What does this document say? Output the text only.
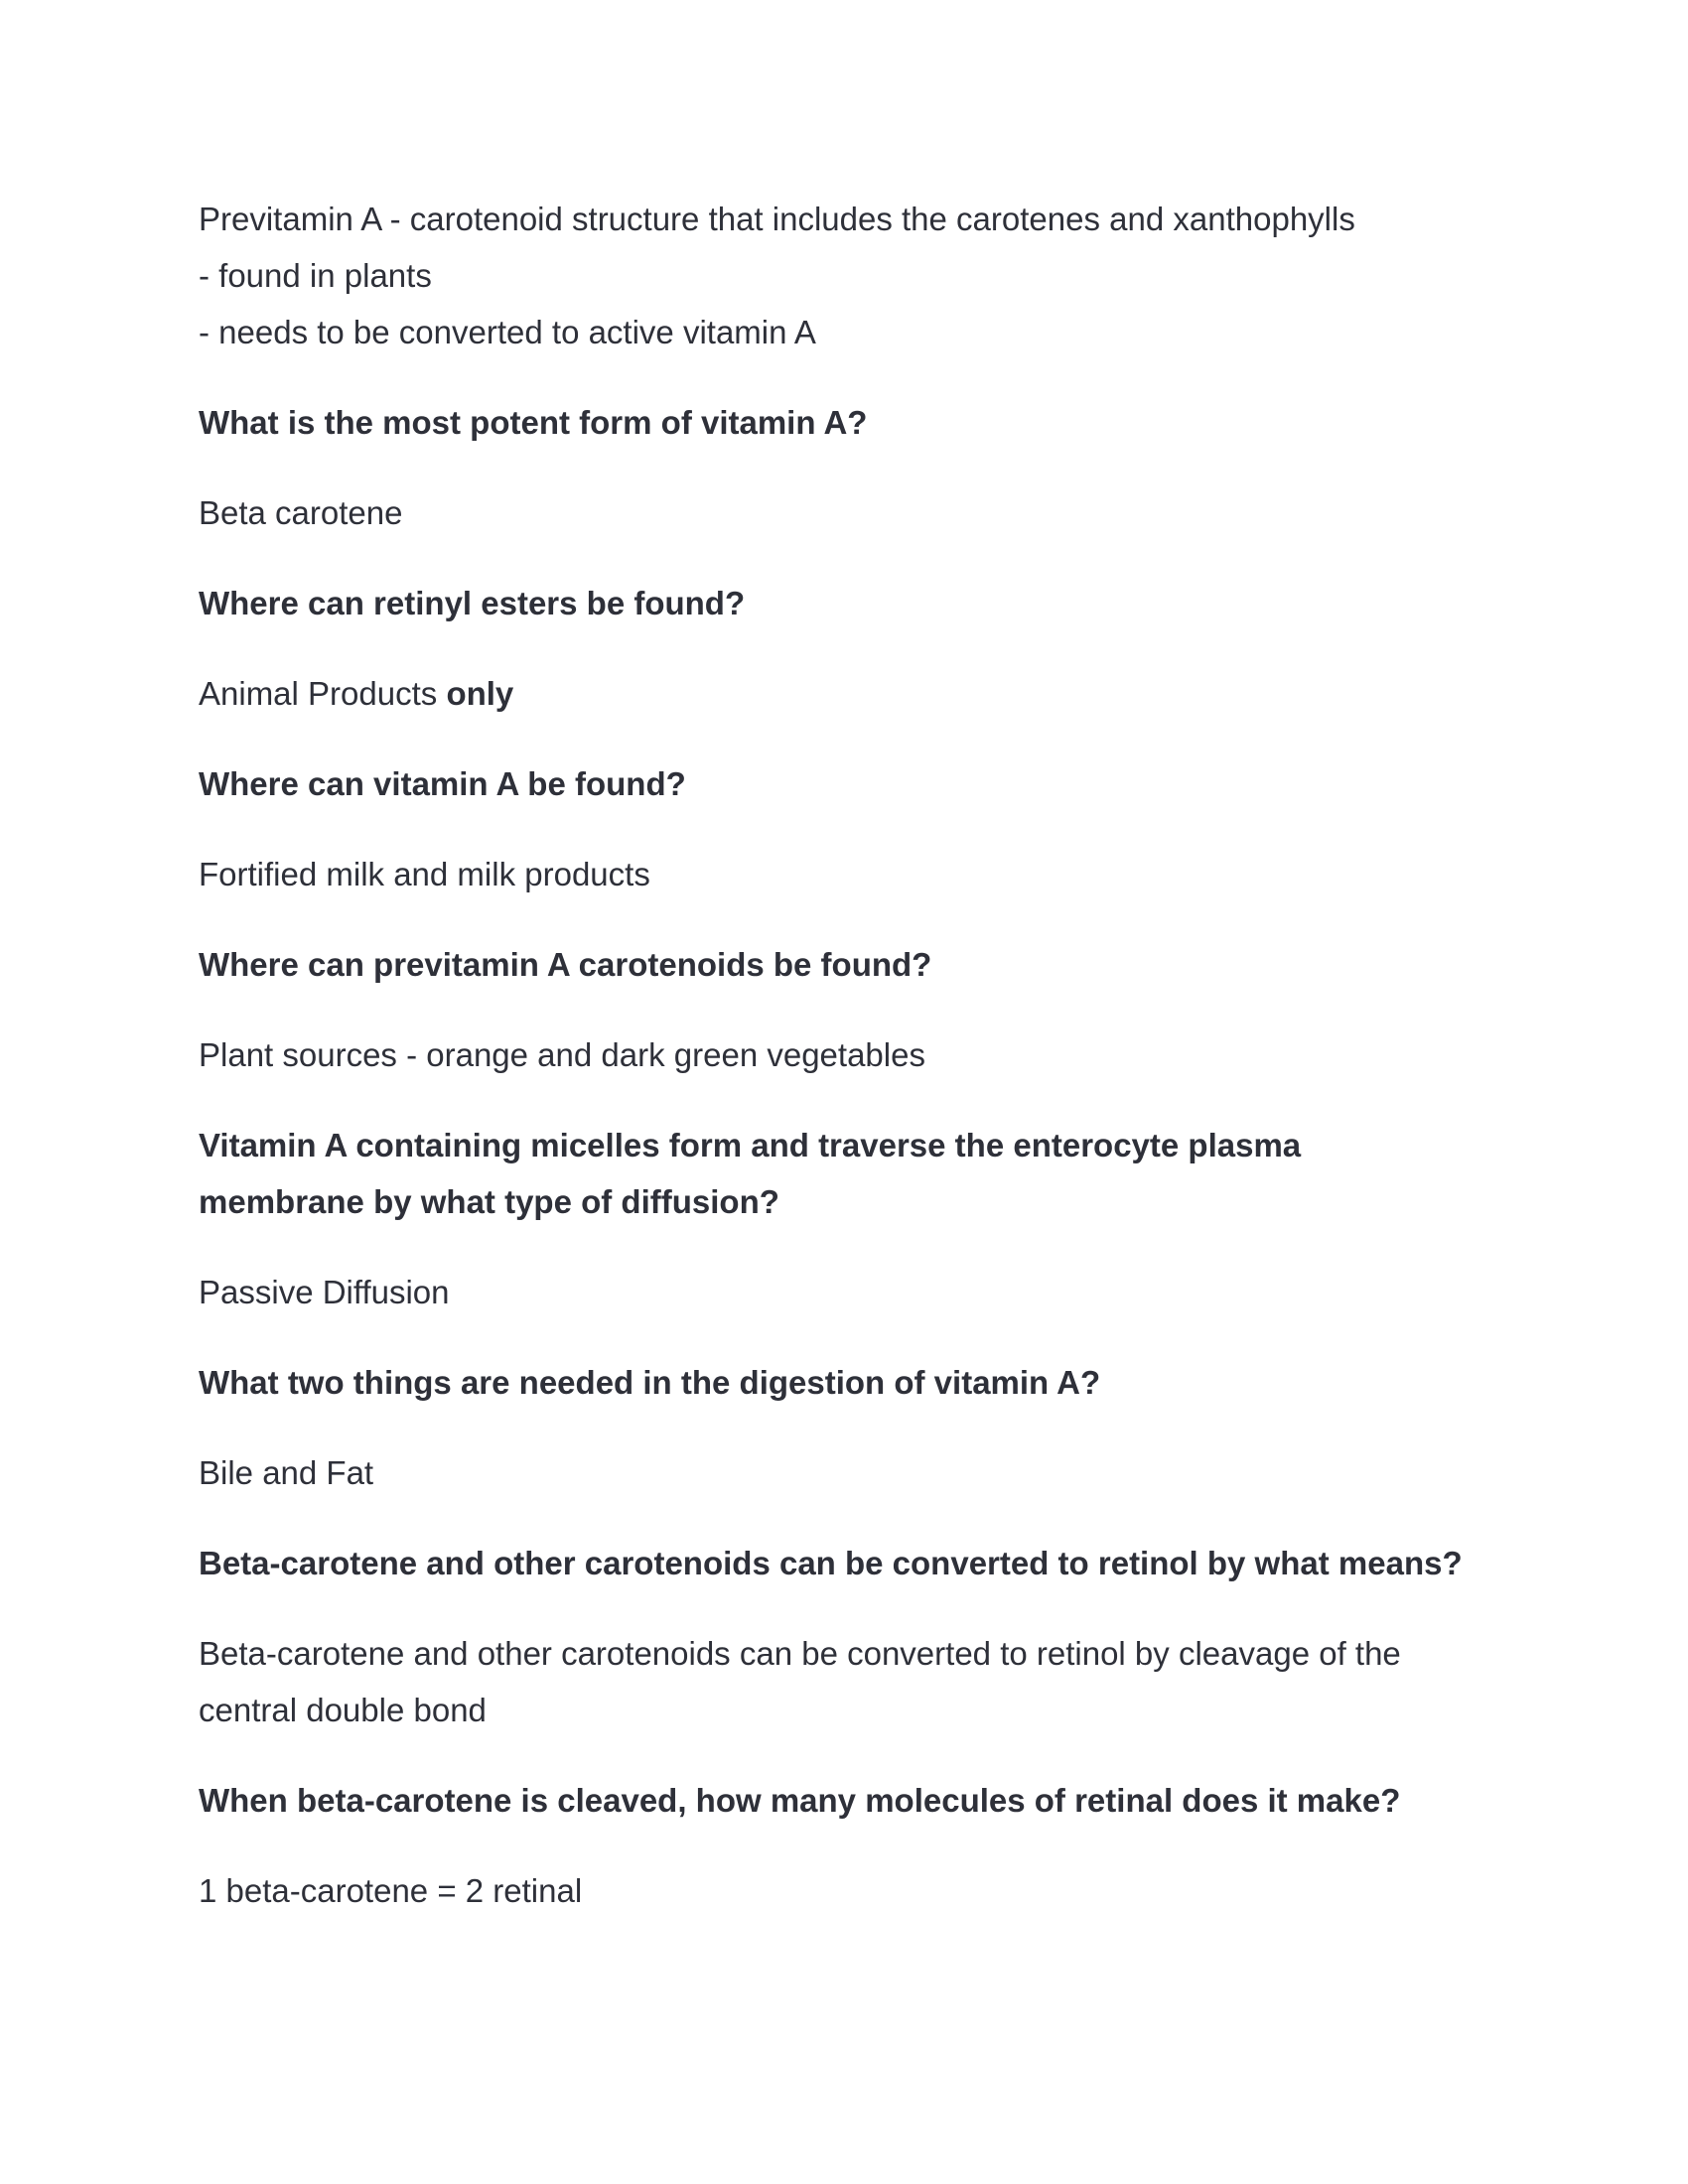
Previtamin A - carotenoid structure that includes the carotenes and xanthophylls

- found in plants

- needs to be converted to active vitamin A

What is the most potent form of vitamin A?

Beta carotene

Where can retinyl esters be found?

Animal Products only

Where can vitamin A be found?

Fortified milk and milk products

Where can previtamin A carotenoids be found?

Plant sources - orange and dark green vegetables

Vitamin A containing micelles form and traverse the enterocyte plasma membrane by what type of diffusion?

Passive Diffusion

What two things are needed in the digestion of vitamin A?

Bile and Fat

Beta-carotene and other carotenoids can be converted to retinol by what means?

Beta-carotene and other carotenoids can be converted to retinol by cleavage of the central double bond

When beta-carotene is cleaved, how many molecules of retinal does it make?

1 beta-carotene = 2 retinal
